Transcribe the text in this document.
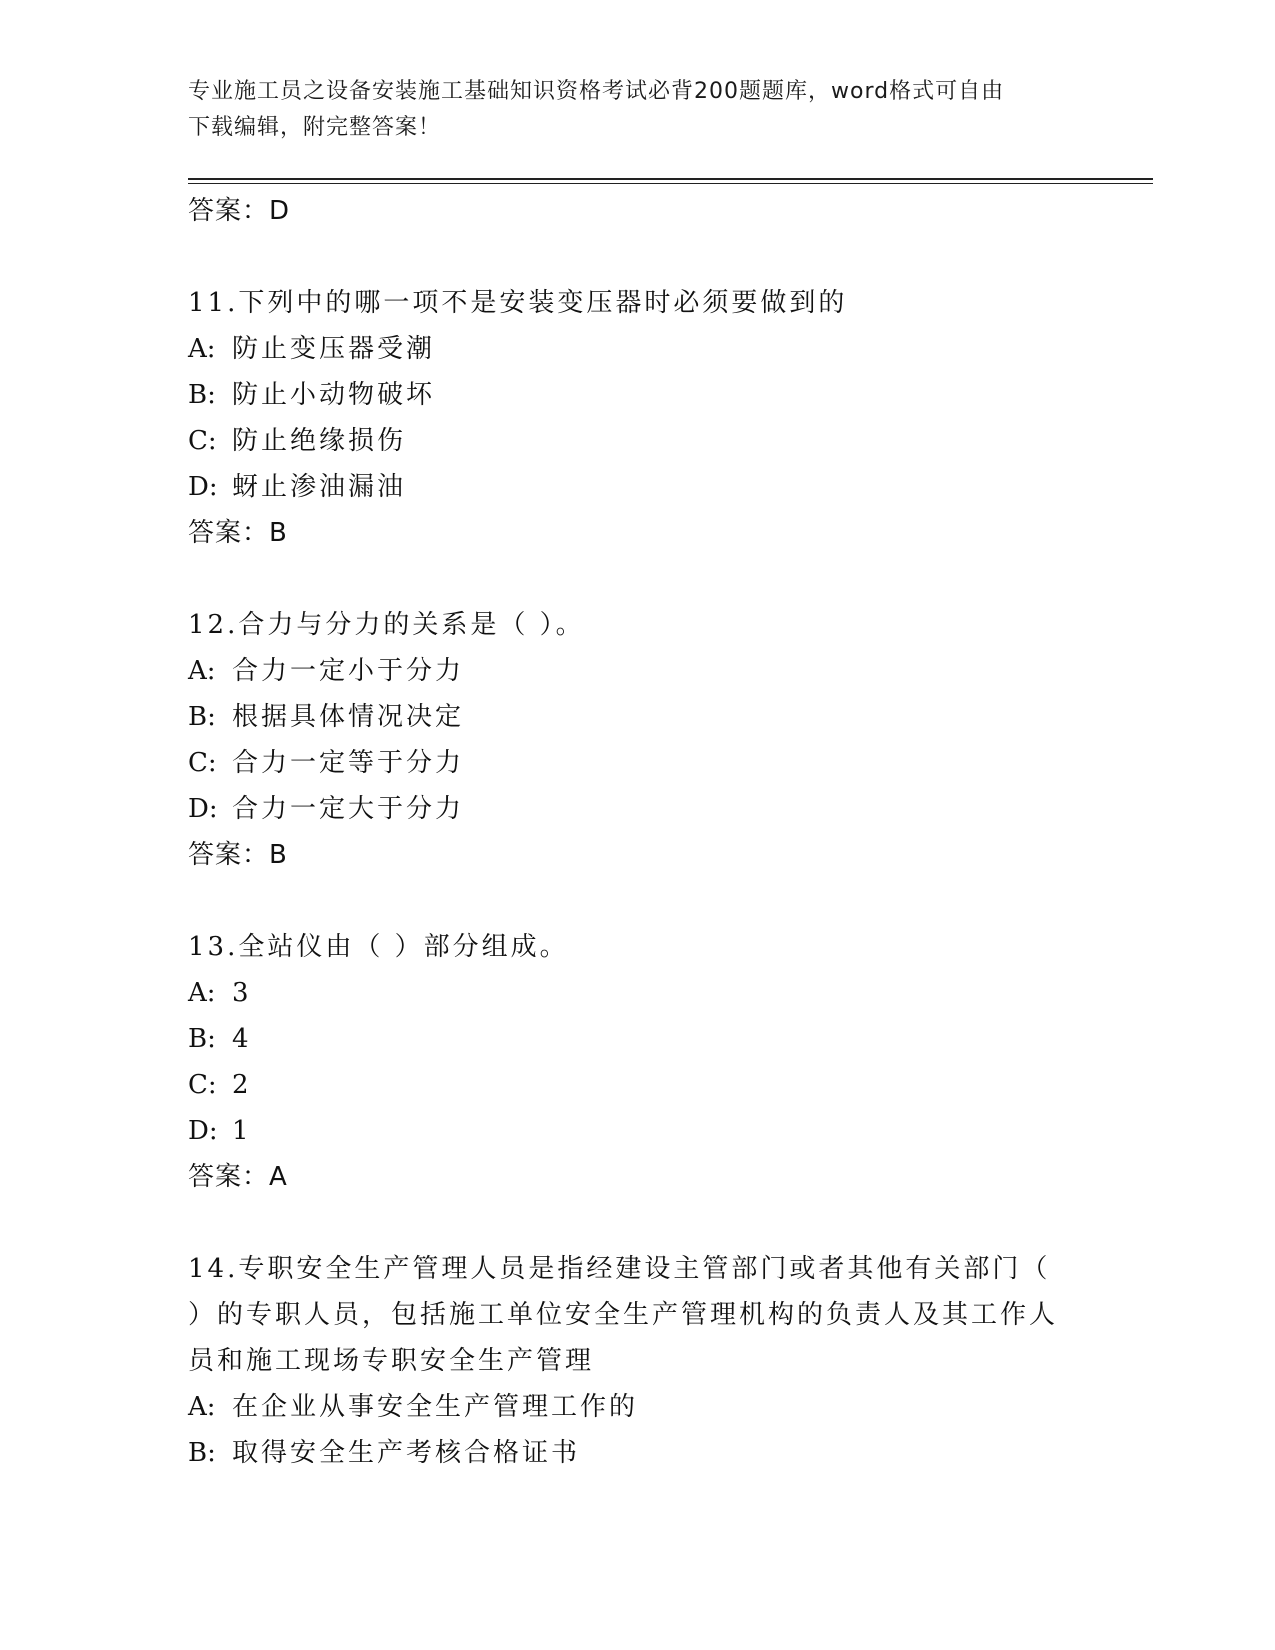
专业施工员之设备安装施工基础知识资格考试必背200题题库，word格式可自由
下载编辑，附完整答案！
答案：D
11.下列中的哪一项不是安装变压器时必须要做到的
A: 防止变压器受潮
B: 防止小动物破坏
C: 防止绝缘损伤
D: 蚜止渗油漏油
答案：B
12.合力与分力的关系是（ ）。
A: 合力一定小于分力
B: 根据具体情况决定
C: 合力一定等于分力
D: 合力一定大于分力
答案：B
13.全站仪由（ ）部分组成。
A: 3
B: 4
C: 2
D: 1
答案：A
14.专职安全生产管理人员是指经建设主管部门或者其他有关部门（
）的专职人员，包括施工单位安全生产管理机构的负责人及其工作人
员和施工现场专职安全生产管理
A: 在企业从事安全生产管理工作的
B: 取得安全生产考核合格证书
